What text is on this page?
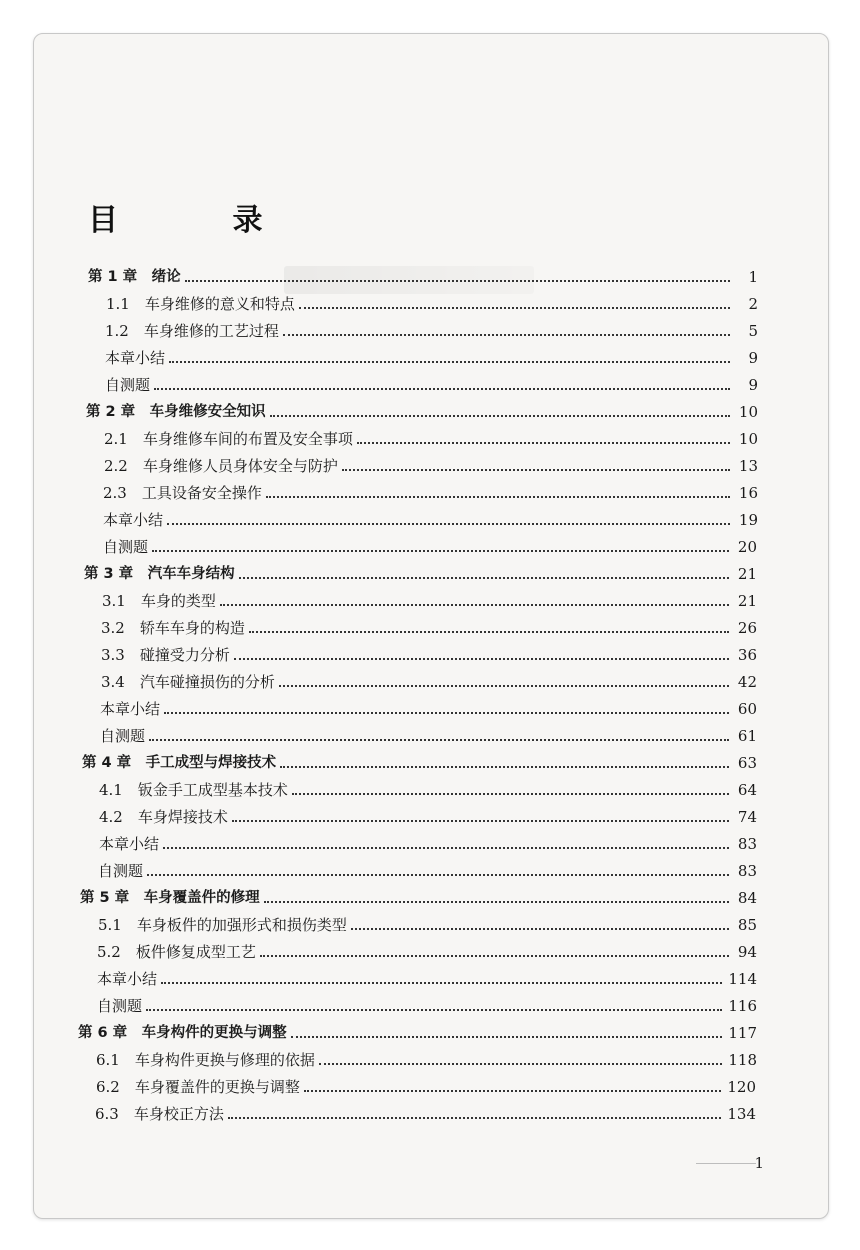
目 录
第 1 章　绪论	1
1.1　车身维修的意义和特点	2
1.2　车身维修的工艺过程	5
本章小结	9
自测题	9
第 2 章　车身维修安全知识	10
2.1　车身维修车间的布置及安全事项	10
2.2　车身维修人员身体安全与防护	13
2.3　工具设备安全操作	16
本章小结	19
自测题	20
第 3 章　汽车车身结构	21
3.1　车身的类型	21
3.2　轿车车身的构造	26
3.3　碰撞受力分析	36
3.4　汽车碰撞损伤的分析	42
本章小结	60
自测题	61
第 4 章　手工成型与焊接技术	63
4.1　钣金手工成型基本技术	64
4.2　车身焊接技术	74
本章小结	83
自测题	83
第 5 章　车身覆盖件的修理	84
5.1　车身板件的加强形式和损伤类型	85
5.2　板件修复成型工艺	94
本章小结	114
自测题	116
第 6 章　车身构件的更换与调整	117
6.1　车身构件更换与修理的依据	118
6.2　车身覆盖件的更换与调整	120
6.3　车身校正方法	134
1
